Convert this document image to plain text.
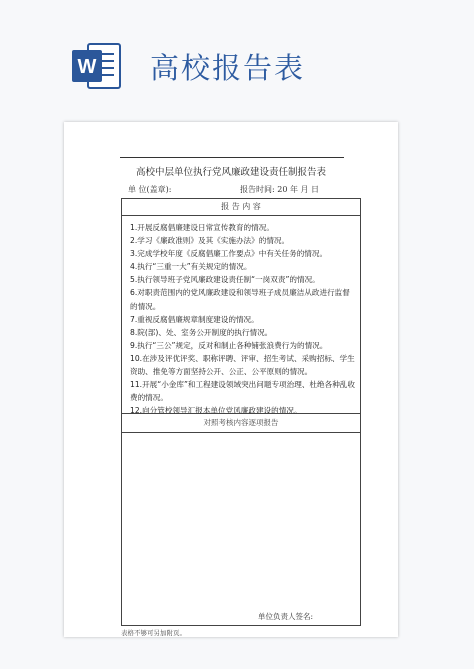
W 高校报告表
高校中层单位执行党风廉政建设责任制报告表
单 位(盖章):	报告时间: 20 年 月 日
报 告 内 容
1.开展反腐倡廉建设日常宣传教育的情况。
2.学习《廉政准则》及其《实施办法》的情况。
3.完成学校年度《反腐倡廉工作要点》中有关任务的情况。
4.执行“三重一大”有关规定的情况。
5.执行领导班子党风廉政建设责任制“一岗双责”的情况。
6.对职责范围内的党风廉政建设和领导班子成员廉洁从政进行监督的情况。
7.重视反腐倡廉规章制度建设的情况。
8.院(部)、处、室务公开制度的执行情况。
9.执行“三公”规定，反对和制止各种铺张浪费行为的情况。
10.在涉及评优评奖、职称评聘、评审、招生考试、采购招标、学生资助、推免等方面坚持公开、公正、公平原则的情况。
11.开展“小金库”和工程建设领域突出问题专项治理、杜绝各种乱收费的情况。
12.向分管校领导汇报本单位党风廉政建设的情况。
对照考核内容逐项报告
单位负责人签名:
表格不够可另加附页。
